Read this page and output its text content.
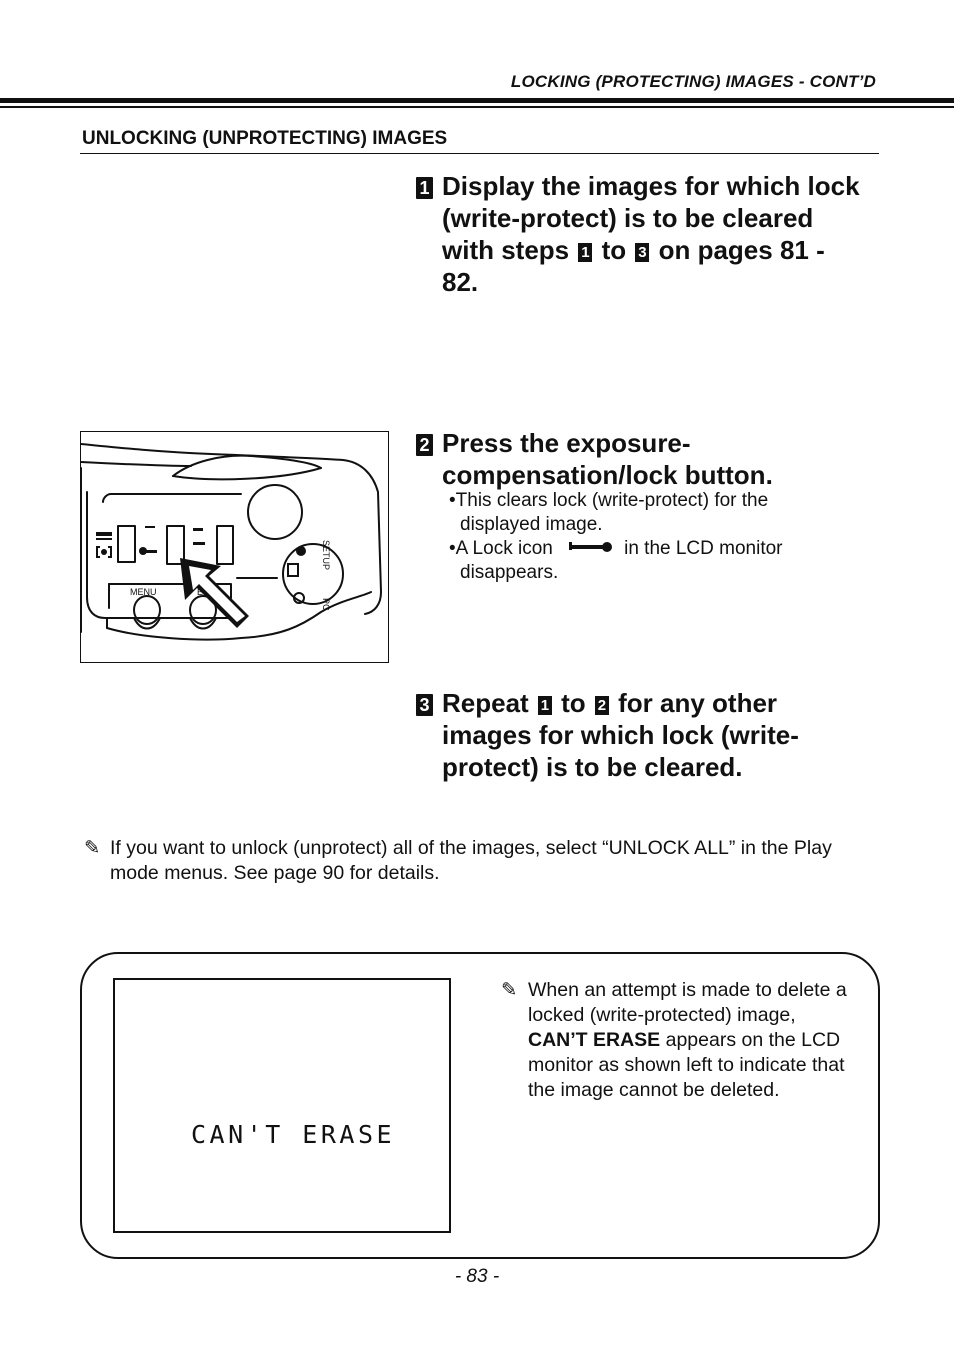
LOCKING (PROTECTING) IMAGES - CONT’D
UNLOCKING (UNPROTECTING) IMAGES
1 Display the images for which lock (write-protect) is to be cleared with steps 1 to 3 on pages 81 - 82.
2 Press the exposure-compensation/lock button.
•This clears lock (write-protect) for the displayed image.
•A Lock icon	in the LCD monitor disappears.
SETUP
PC
MENU	E
3 Repeat 1 to 2 for any other images for which lock (write-protect) is to be cleared.
✎ If you want to unlock (unprotect) all of the images, select “UNLOCK ALL” in the Play mode menus. See page 90 for details.
CAN'T ERASE
✎ When an attempt is made to delete a locked (write-protected) image, CAN’T ERASE appears on the LCD monitor as shown left to indicate that the image cannot be deleted.
- 83 -
